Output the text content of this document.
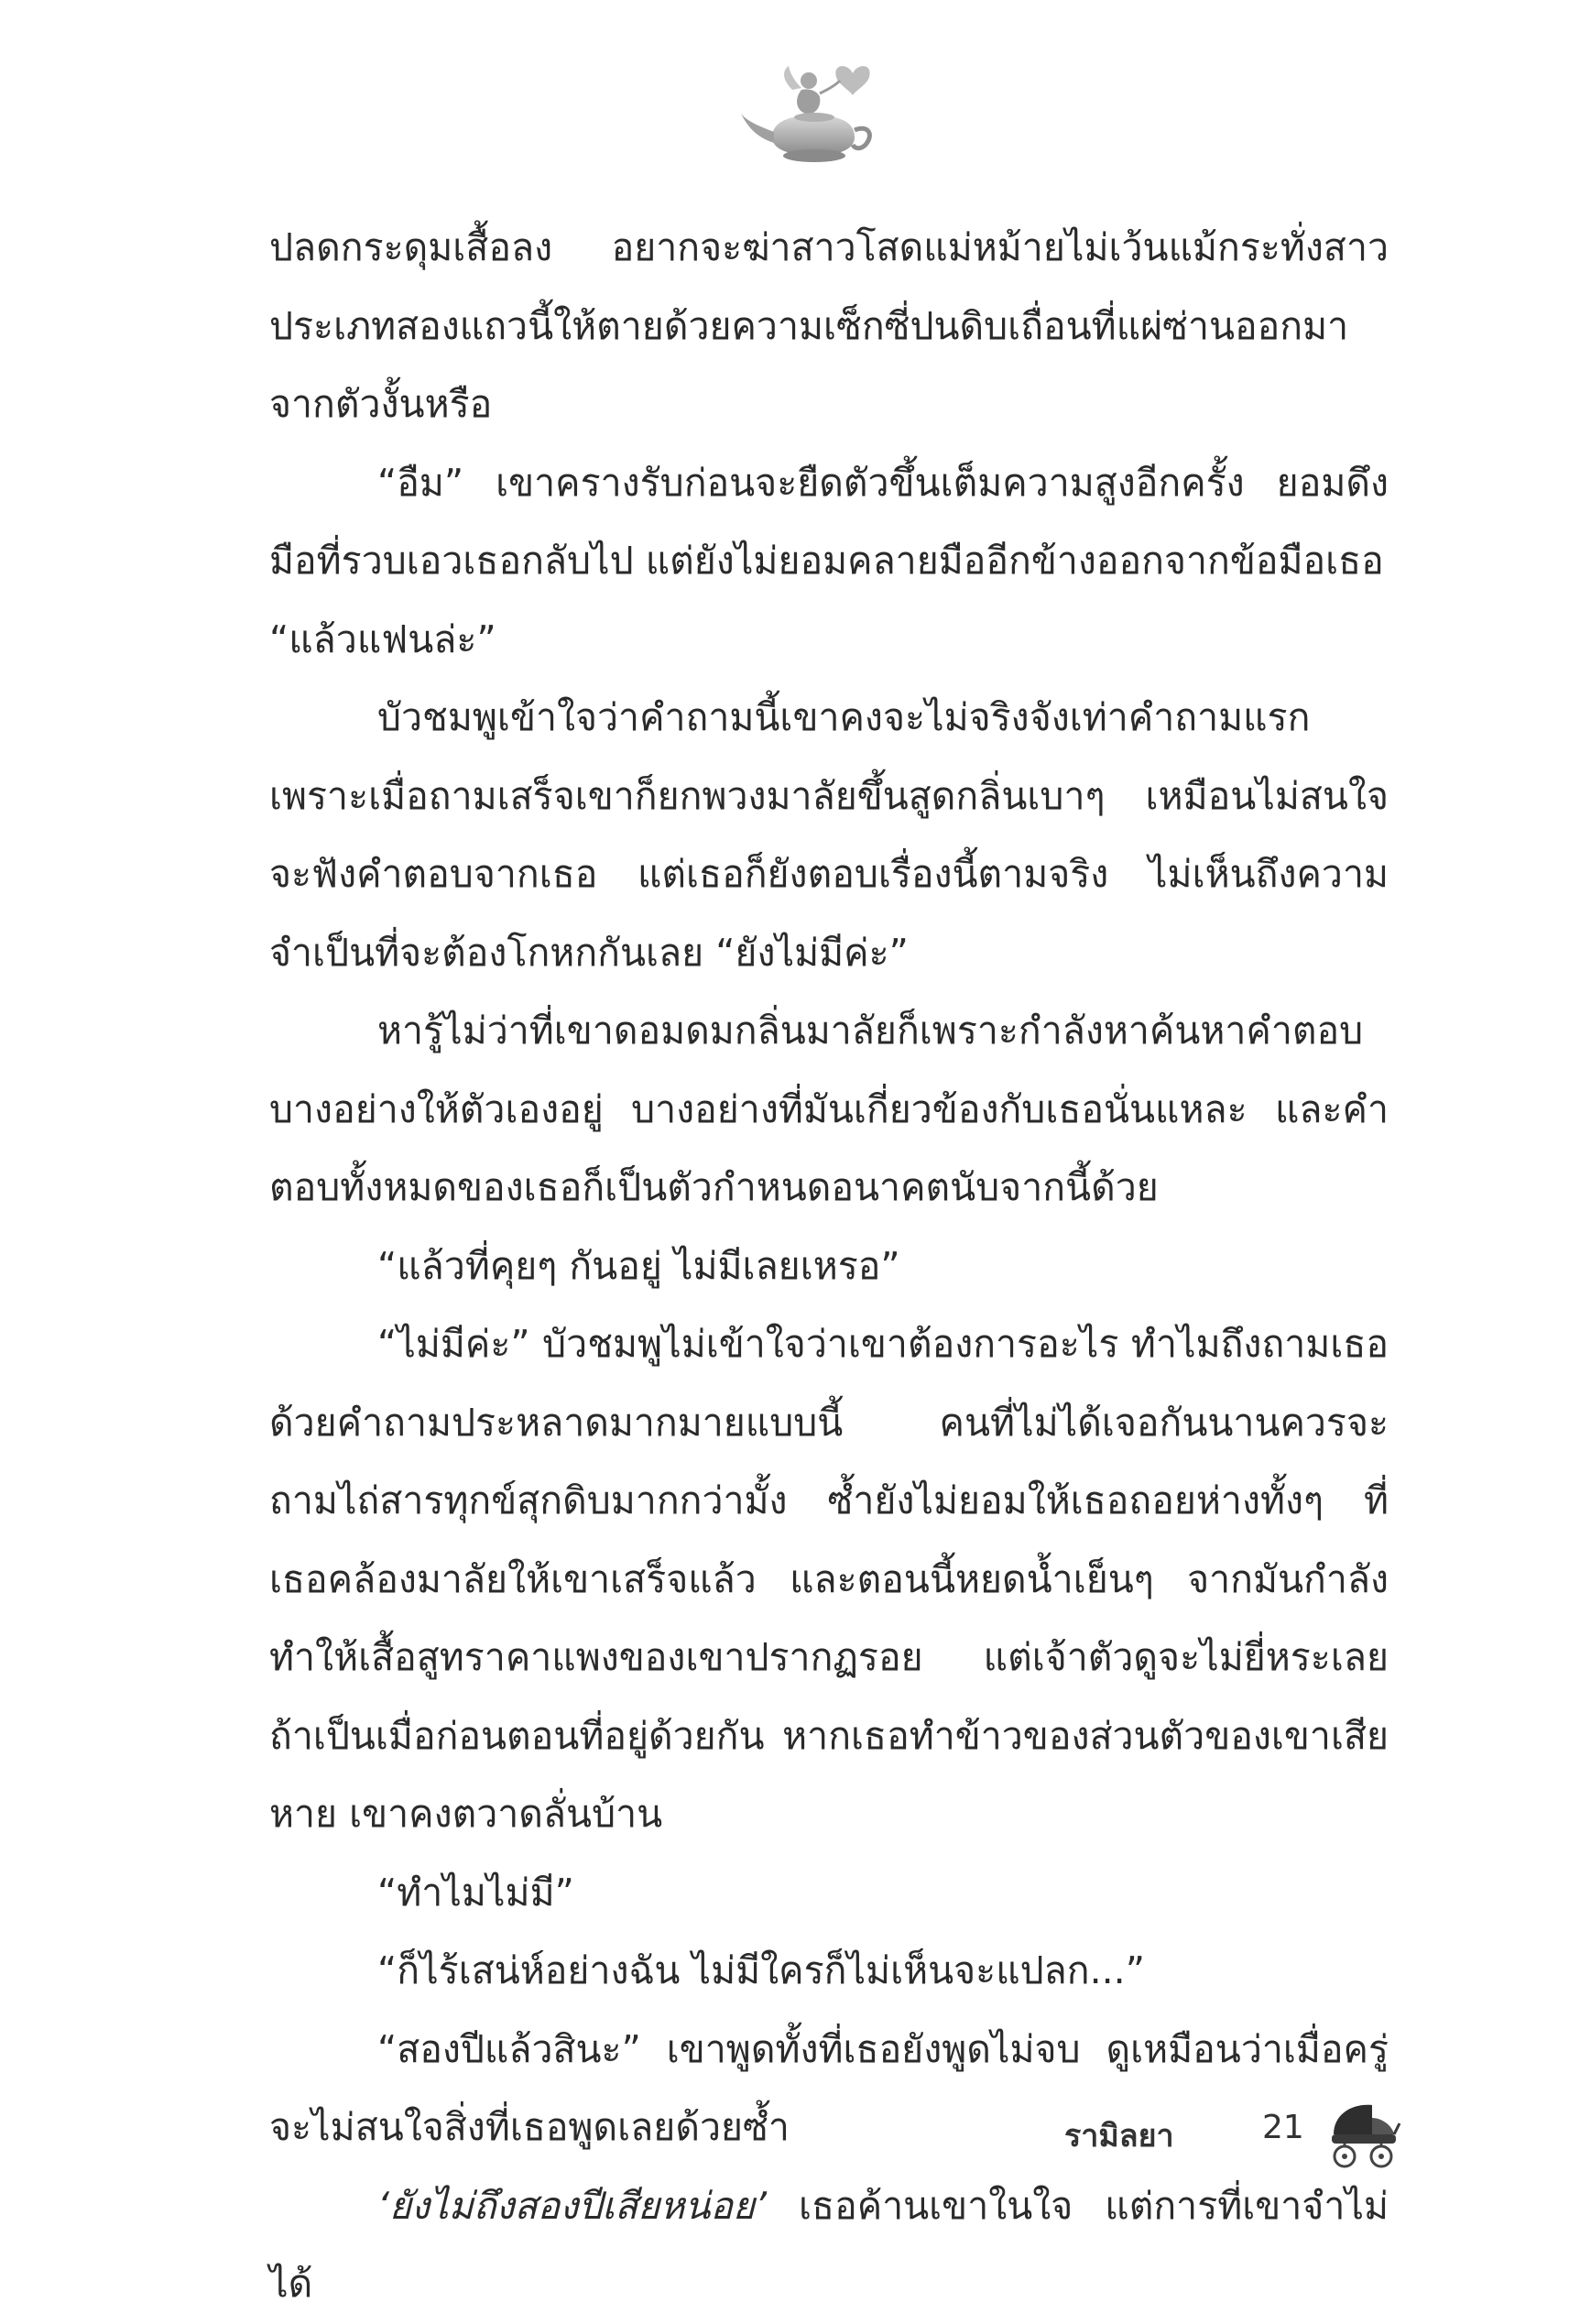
ปลดกระดุมเสื้อลง อยากจะฆ่าสาวโสดแม่หม้ายไม่เว้นแม้กระทั่งสาวประเภทสองแถวนี้ให้ตายด้วยความเซ็กซี่ปนดิบเถื่อนที่แผ่ซ่านออกมาจากตัวงั้นหรือ

“อืม” เขาครางรับก่อนจะยืดตัวขึ้นเต็มความสูงอีกครั้ง ยอมดึงมือที่รวบเอวเธอกลับไป แต่ยังไม่ยอมคลายมืออีกข้างออกจากข้อมือเธอ

“แล้วแฟนล่ะ”

บัวชมพูเข้าใจว่าคำถามนี้เขาคงจะไม่จริงจังเท่าคำถามแรก เพราะเมื่อถามเสร็จเขาก็ยกพวงมาลัยขึ้นสูดกลิ่นเบาๆ เหมือนไม่สนใจจะฟังคำตอบจากเธอ แต่เธอก็ยังตอบเรื่องนี้ตามจริง ไม่เห็นถึงความจำเป็นที่จะต้องโกหกกันเลย “ยังไม่มีค่ะ”

หารู้ไม่ว่าที่เขาดอมดมกลิ่นมาลัยก็เพราะกำลังหาค้นหาคำตอบบางอย่างให้ตัวเองอยู่ บางอย่างที่มันเกี่ยวข้องกับเธอนั่นแหละ และคำตอบทั้งหมดของเธอก็เป็นตัวกำหนดอนาคตนับจากนี้ด้วย

“แล้วที่คุยๆ กันอยู่ ไม่มีเลยเหรอ”

“ไม่มีค่ะ” บัวชมพูไม่เข้าใจว่าเขาต้องการอะไร ทำไมถึงถามเธอด้วยคำถามประหลาดมากมายแบบนี้ คนที่ไม่ได้เจอกันนานควรจะถามไถ่สารทุกข์สุกดิบมากกว่ามั้ง ซ้ำยังไม่ยอมให้เธอถอยห่างทั้งๆ ที่เธอคล้องมาลัยให้เขาเสร็จแล้ว และตอนนี้หยดน้ำเย็นๆ จากมันกำลังทำให้เสื้อสูทราคาแพงของเขาปรากฏรอย แต่เจ้าตัวดูจะไม่ยี่หระเลย ถ้าเป็นเมื่อก่อนตอนที่อยู่ด้วยกัน หากเธอทำข้าวของส่วนตัวของเขาเสียหาย เขาคงตวาดลั่นบ้าน

“ทำไมไม่มี”

“ก็ไร้เสน่ห์อย่างฉัน ไม่มีใครก็ไม่เห็นจะแปลก...”

“สองปีแล้วสินะ” เขาพูดทั้งที่เธอยังพูดไม่จบ ดูเหมือนว่าเมื่อครู่จะไม่สนใจสิ่งที่เธอพูดเลยด้วยซ้ำ

‘ยังไม่ถึงสองปีเสียหน่อย’ เธอค้านเขาในใจ แต่การที่เขาจำไม่ได้

รามิลยา	21
